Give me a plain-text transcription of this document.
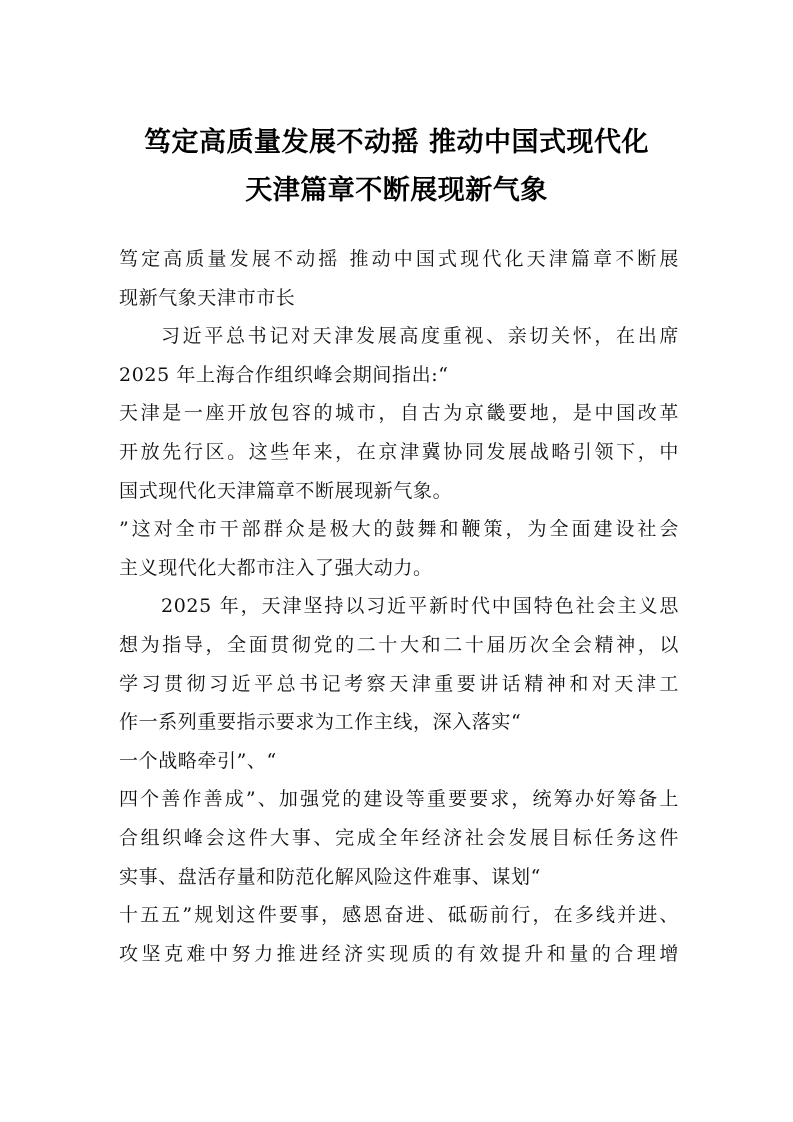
笃定高质量发展不动摇 推动中国式现代化
天津篇章不断展现新气象
笃定高质量发展不动摇 推动中国式现代化天津篇章不断展
现新气象天津市市长
习近平总书记对天津发展高度重视、亲切关怀，在出席
2025 年上海合作组织峰会期间指出:“
天津是一座开放包容的城市，自古为京畿要地，是中国改革
开放先行区。这些年来，在京津冀协同发展战略引领下，中
国式现代化天津篇章不断展现新气象。
”这对全市干部群众是极大的鼓舞和鞭策，为全面建设社会
主义现代化大都市注入了强大动力。
2025 年，天津坚持以习近平新时代中国特色社会主义思
想为指导，全面贯彻党的二十大和二十届历次全会精神，以
学习贯彻习近平总书记考察天津重要讲话精神和对天津工
作一系列重要指示要求为工作主线，深入落实“
一个战略牵引”、“
四个善作善成”、加强党的建设等重要要求，统筹办好筹备上
合组织峰会这件大事、完成全年经济社会发展目标任务这件
实事、盘活存量和防范化解风险这件难事、谋划“
十五五”规划这件要事，感恩奋进、砥砺前行，在多线并进、
攻坚克难中努力推进经济实现质的有效提升和量的合理增
